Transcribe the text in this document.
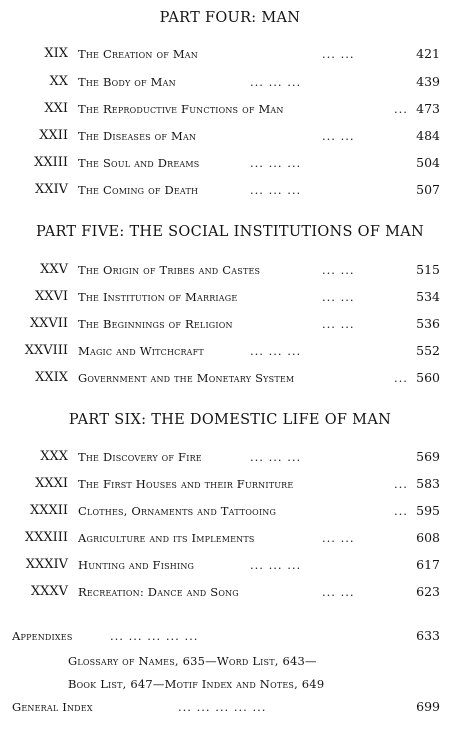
PART FOUR: MAN
XIX The Creation of Man	... ...	421
XX The Body of Man	... ... ...	439
XXI The Reproductive Functions of Man	... 473
XXII The Diseases of Man	... ...	484
XXIII The Soul and Dreams	... ... ...	504
XXIV The Coming of Death	... ... ...	507
PART FIVE: THE SOCIAL INSTITUTIONS OF MAN
XXV The Origin of Tribes and Castes	... ...	515
XXVI The Institution of Marriage	... ...	534
XXVII The Beginnings of Religion	... ...	536
XXVIII Magic and Witchcraft	... ... ...	552
XXIX Government and the Monetary System	... 560
PART SIX: THE DOMESTIC LIFE OF MAN
XXX The Discovery of Fire	... ... ...	569
XXXI The First Houses and their Furniture	... 583
XXXII Clothes, Ornaments and Tattooing	... 595
XXXIII Agriculture and its Implements	... ...	608
XXXIV Hunting and Fishing	... ... ...	617
XXXV Recreation: Dance and Song	... ...	623
Appendixes	... ... ... ... ...	633
Glossary of Names, 635—Word List, 643—
Book List, 647—Motif Index and Notes, 649
General Index	... ... ... ... ...	699
